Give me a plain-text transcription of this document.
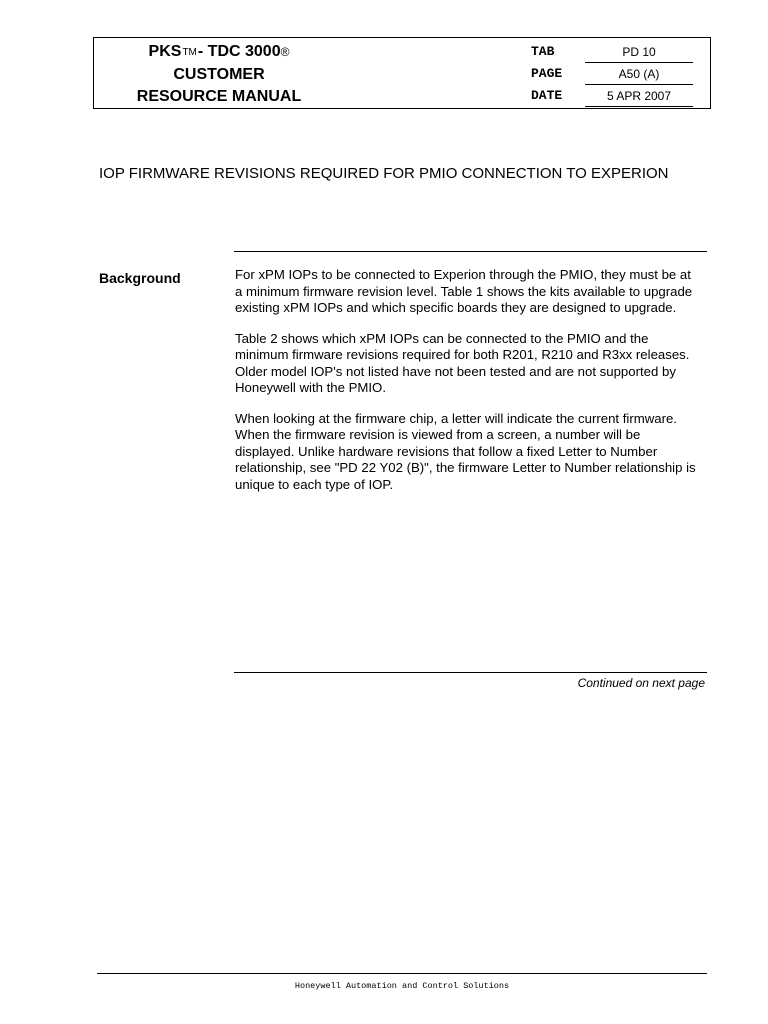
PKSTM- TDC 3000®
CUSTOMER
RESOURCE MANUAL
TAB	PD 10
PAGE	A50 (A)
DATE	5 APR 2007
IOP FIRMWARE REVISIONS REQUIRED FOR PMIO CONNECTION TO EXPERION
Background	For xPM IOPs to be connected to Experion through the PMIO, they must be at a minimum firmware revision level. Table 1 shows the kits available to upgrade existing xPM IOPs and which specific boards they are designed to upgrade.

Table 2 shows which xPM IOPs can be connected to the PMIO and the minimum firmware revisions required for both R201, R210 and R3xx releases. Older model IOP's not listed have not been tested and are not supported by Honeywell with the PMIO.

When looking at the firmware chip, a letter will indicate the current firmware. When the firmware revision is viewed from a screen, a number will be displayed. Unlike hardware revisions that follow a fixed Letter to Number relationship, see "PD 22 Y02 (B)", the firmware Letter to Number relationship is unique to each type of IOP.

Continued on next page
Honeywell Automation and Control Solutions
